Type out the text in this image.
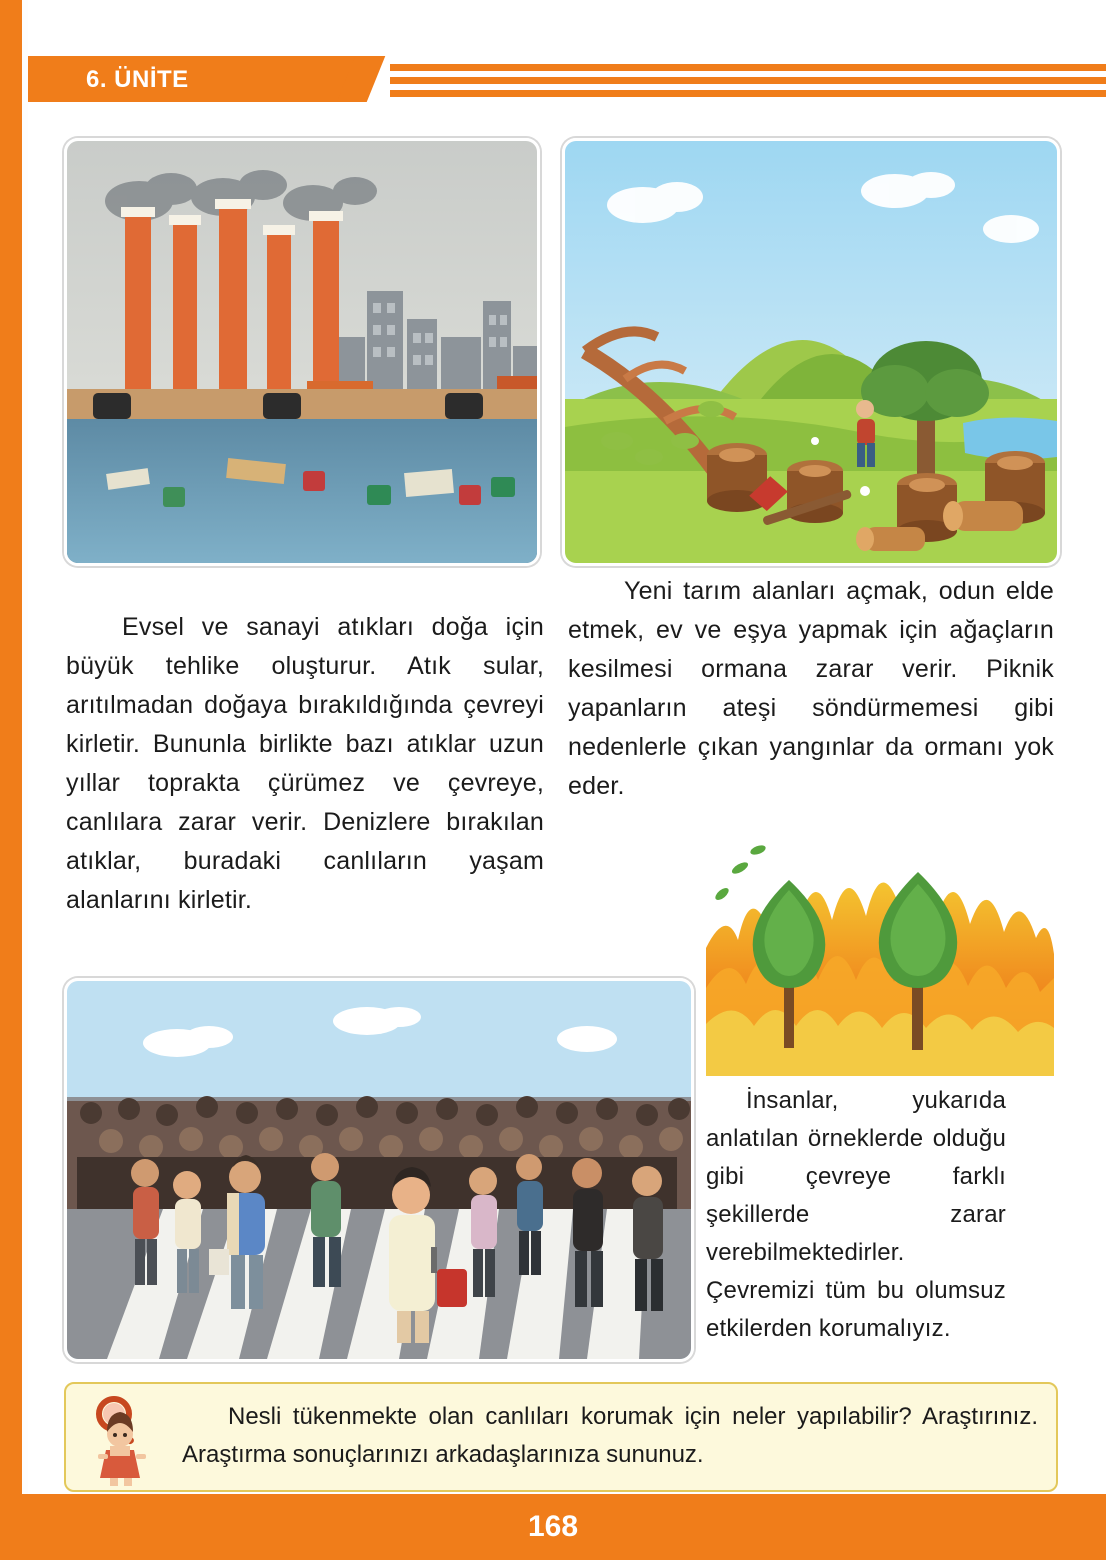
6. ÜNİTE
Evsel ve sanayi atıkları doğa için büyük tehlike oluşturur. Atık sular, arıtılmadan doğaya bırakıldığında çevreyi kirletir. Bununla birlikte bazı atıklar uzun yıllar toprakta çürümez ve çevreye, canlılara zarar verir. Denizlere bırakılan atıklar, buradaki canlıların yaşam alanlarını kirletir.
Yeni tarım alanları açmak, odun elde etmek, ev ve eşya yapmak için ağaçların kesilmesi ormana zarar verir. Piknik yapanların ateşi söndürmemesi gibi nedenlerle çıkan yangınlar da ormanı yok eder.
İnsanlar, yukarıda anlatılan örneklerde olduğu gibi çevreye farklı şekillerde zarar verebilmektedirler. Çevremizi tüm bu olumsuz etkilerden korumalıyız.
Nesli tükenmekte olan canlıları korumak için neler yapılabilir? Araştırınız. Araştırma sonuçlarınızı arkadaşlarınıza sununuz.
168
